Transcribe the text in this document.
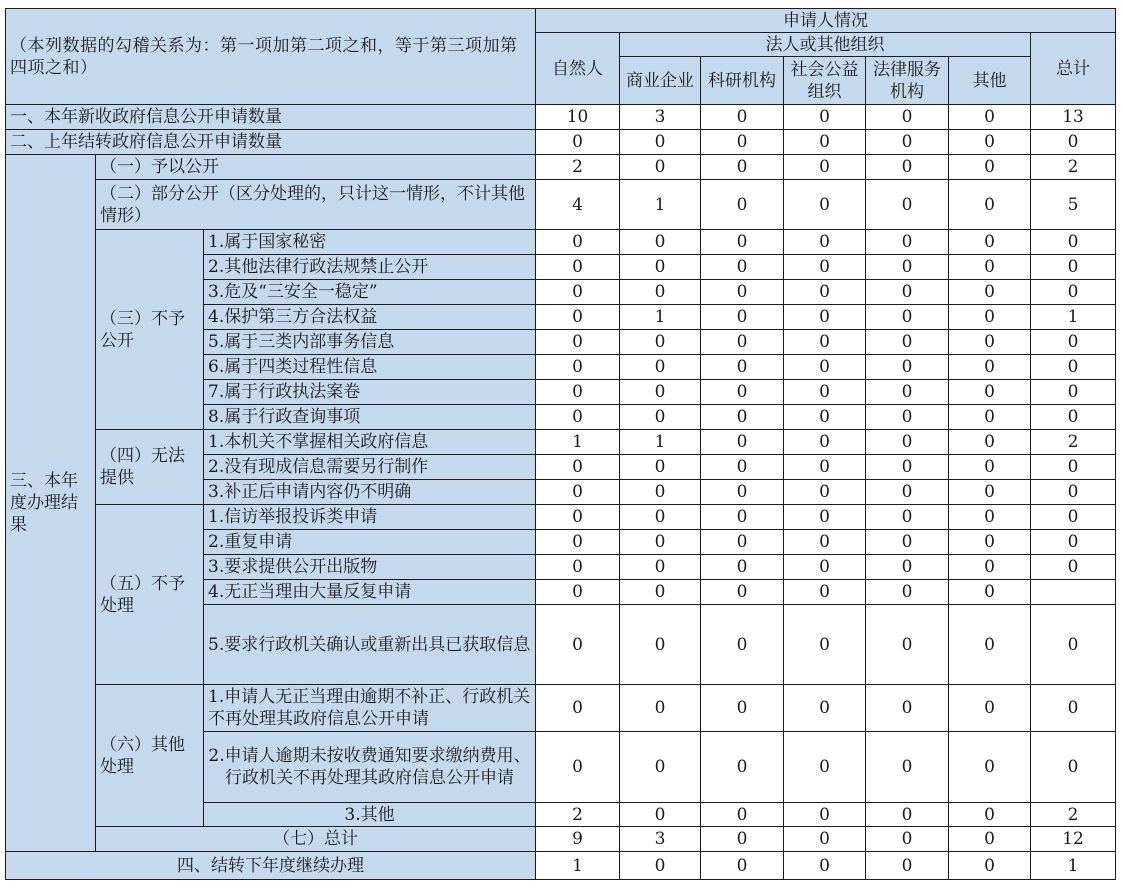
（本列数据的勾稽关系为：第一项加第二项之和，等于第三项加第四项之和）			申请人情况						
			自然人	法人或其他组织					总计
				商业企业	科研机构	社会公益组织	法律服务机构	其他	

一、本年新收政府信息公开申请数量			10	3	0	0	0	0	13
二、上年结转政府信息公开申请数量			0	0	0	0	0	0	0
三、本年度办理结果	（一）予以公开		2	0	0	0	0	0	2
	（二）部分公开（区分处理的，只计这一情形，不计其他情形）		4	1	0	0	0	0	5
	（三）不予公开	1.属于国家秘密	0	0	0	0	0	0	0
		2.其他法律行政法规禁止公开	0	0	0	0	0	0	0
		3.危及“三安全一稳定”	0	0	0	0	0	0	0
		4.保护第三方合法权益	0	1	0	0	0	0	1
		5.属于三类内部事务信息	0	0	0	0	0	0	0
		6.属于四类过程性信息	0	0	0	0	0	0	0
		7.属于行政执法案卷	0	0	0	0	0	0	0
		8.属于行政查询事项	0	0	0	0	0	0	0
	（四）无法提供	1.本机关不掌握相关政府信息	1	1	0	0	0	0	2
		2.没有现成信息需要另行制作	0	0	0	0	0	0	0
		3.补正后申请内容仍不明确	0	0	0	0	0	0	0
	（五）不予处理	1.信访举报投诉类申请	0	0	0	0	0	0	0
		2.重复申请	0	0	0	0	0	0	0
		3.要求提供公开出版物	0	0	0	0	0	0	0
		4.无正当理由大量反复申请	0	0	0	0	0	0	
		5.要求行政机关确认或重新出具已获取信息	0	0	0	0	0	0	0
	（六）其他处理	1.申请人无正当理由逾期不补正、行政机关不再处理其政府信息公开申请	0	0	0	0	0	0	0
		2.申请人逾期未按收费通知要求缴纳费用、行政机关不再处理其政府信息公开申请	0	0	0	0	0	0	0
		3.其他	2	0	0	0	0	0	2
	（七）总计		9	3	0	0	0	0	12
四、结转下年度继续办理			1	0	0	0	0	0	1
